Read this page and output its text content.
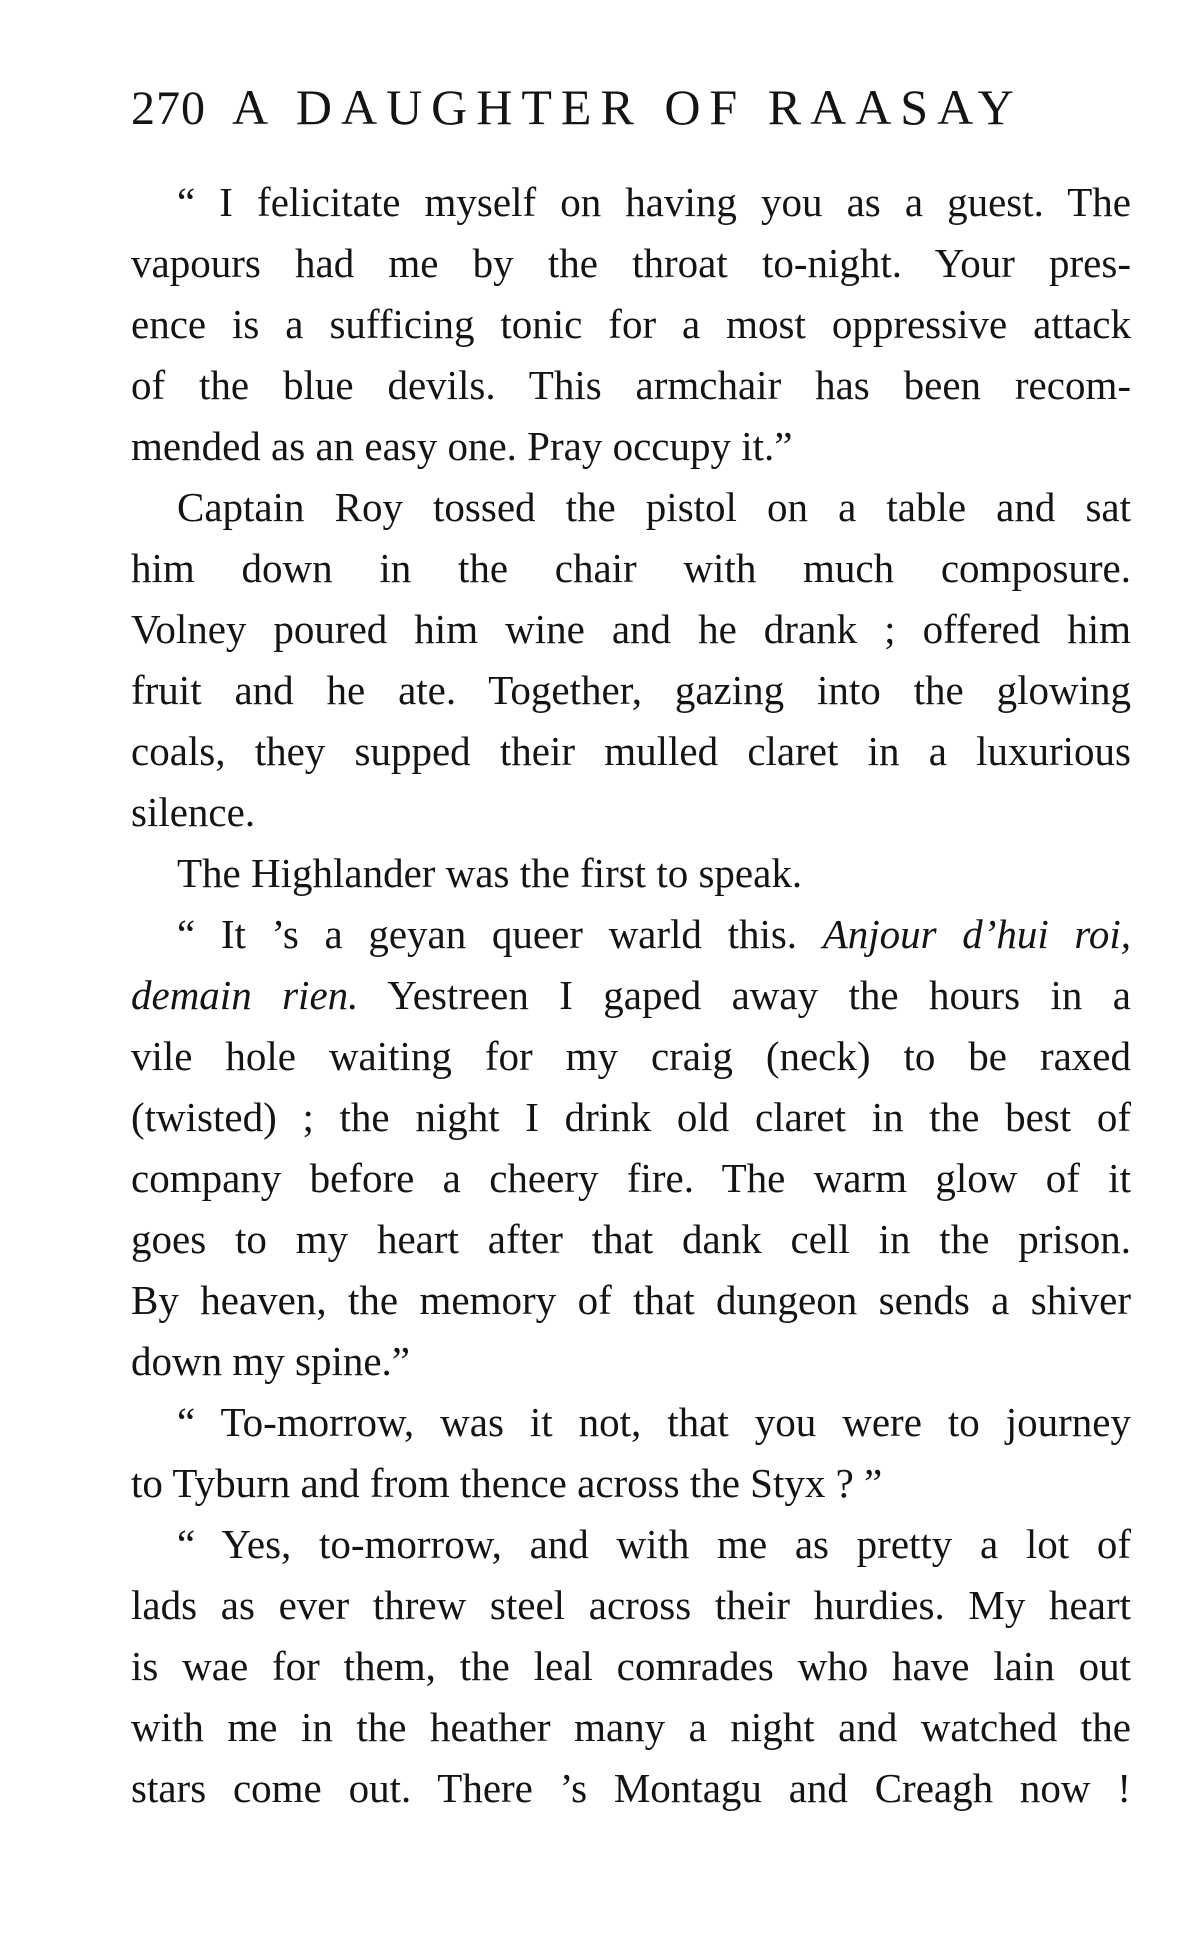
270 A DAUGHTER OF RAASAY
“ I felicitate myself on having you as a guest. The
vapours had me by the throat to-night. Your pres-
ence is a sufficing tonic for a most oppressive attack
of the blue devils. This armchair has been recom-
mended as an easy one. Pray occupy it.”
Captain Roy tossed the pistol on a table and sat
him down in the chair with much composure.
Volney poured him wine and he drank ; offered him
fruit and he ate. Together, gazing into the glowing
coals, they supped their mulled claret in a luxurious
silence.
The Highlander was the first to speak.
“ It ’s a geyan queer warld this. Anjour d’hui roi,
demain rien. Yestreen I gaped away the hours in a
vile hole waiting for my craig (neck) to be raxed
(twisted) ; the night I drink old claret in the best of
company before a cheery fire. The warm glow of it
goes to my heart after that dank cell in the prison.
By heaven, the memory of that dungeon sends a shiver
down my spine.”
“ To-morrow, was it not, that you were to journey
to Tyburn and from thence across the Styx ? ”
“ Yes, to-morrow, and with me as pretty a lot of
lads as ever threw steel across their hurdies. My heart
is wae for them, the leal comrades who have lain out
with me in the heather many a night and watched the
stars come out. There ’s Montagu and Creagh now !
